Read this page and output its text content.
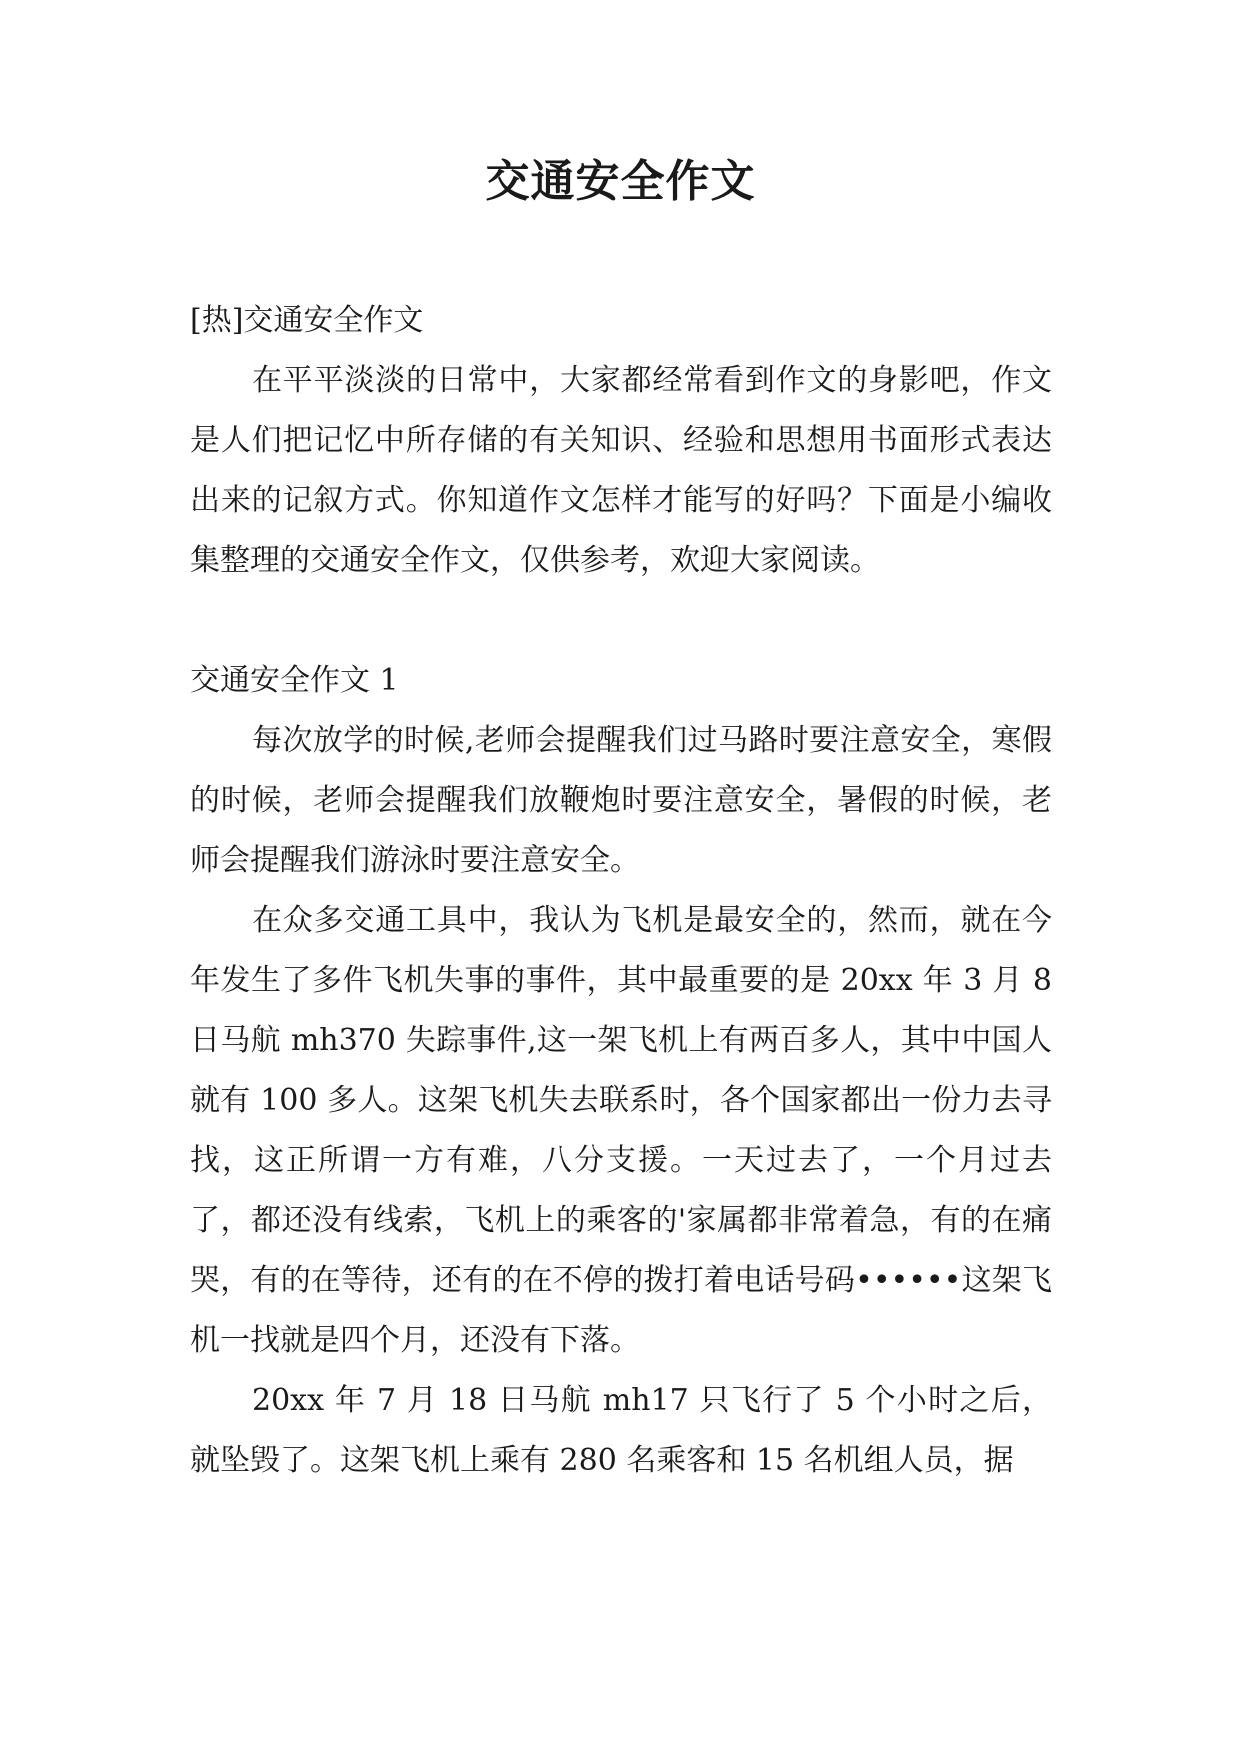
交通安全作文

[热]交通安全作文

在平平淡淡的日常中，大家都经常看到作文的身影吧，作文是人们把记忆中所存储的有关知识、经验和思想用书面形式表达出来的记叙方式。你知道作文怎样才能写的好吗？下面是小编收集整理的交通安全作文，仅供参考，欢迎大家阅读。

交通安全作文 1

每次放学的时候,老师会提醒我们过马路时要注意安全，寒假的时候，老师会提醒我们放鞭炮时要注意安全，暑假的时候，老师会提醒我们游泳时要注意安全。

在众多交通工具中，我认为飞机是最安全的，然而，就在今年发生了多件飞机失事的事件，其中最重要的是 20xx 年 3 月 8 日马航 mh370 失踪事件,这一架飞机上有两百多人，其中中国人就有 100 多人。这架飞机失去联系时，各个国家都出一份力去寻找，这正所谓一方有难，八分支援。一天过去了，一个月过去了，都还没有线索，飞机上的乘客的'家属都非常着急，有的在痛哭，有的在等待，还有的在不停的拨打着电话号码••••••这架飞机一找就是四个月，还没有下落。

20xx 年 7 月 18 日马航 mh17 只飞行了 5 个小时之后，就坠毁了。这架飞机上乘有 280 名乘客和 15 名机组人员，据
